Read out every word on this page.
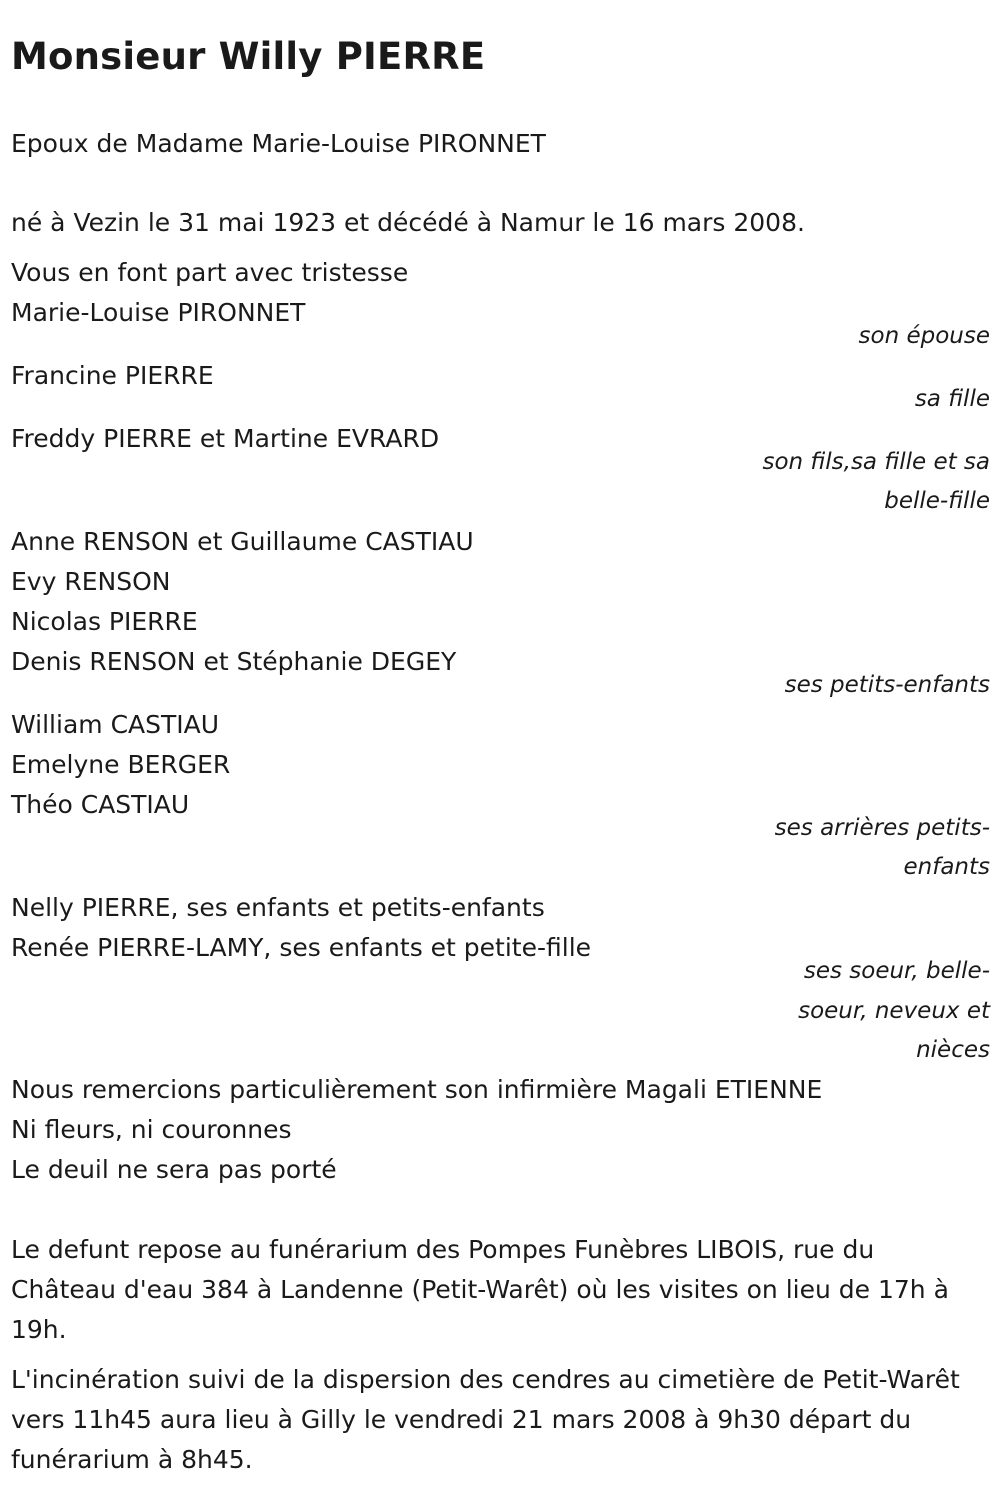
Monsieur Willy PIERRE
Epoux de Madame Marie-Louise PIRONNET
né à Vezin le 31 mai 1923 et décédé à Namur le 16 mars 2008.
Vous en font part avec tristesse
Marie-Louise PIRONNET
son épouse
Francine PIERRE
sa fille
Freddy PIERRE et Martine EVRARD
son fils,sa fille et sa
belle-fille
Anne RENSON et Guillaume CASTIAU
Evy RENSON
Nicolas PIERRE
Denis RENSON et Stéphanie DEGEY
ses petits-enfants
William CASTIAU
Emelyne BERGER
Théo CASTIAU
ses arrières petits-
enfants
Nelly PIERRE, ses enfants et petits-enfants
Renée PIERRE-LAMY, ses enfants et petite-fille
ses soeur, belle-
soeur, neveux et
nièces
Nous remercions particulièrement son infirmière Magali ETIENNE
Ni fleurs, ni couronnes
Le deuil ne sera pas porté
Le defunt repose au funérarium des Pompes Funèbres LIBOIS, rue du Château d'eau 384 à Landenne (Petit-Warêt) où les visites on lieu de 17h à 19h.
L'incinération suivi de la dispersion des cendres au cimetière de Petit-Warêt vers 11h45 aura lieu à Gilly le vendredi 21 mars 2008 à 9h30 départ du funérarium à 8h45.
